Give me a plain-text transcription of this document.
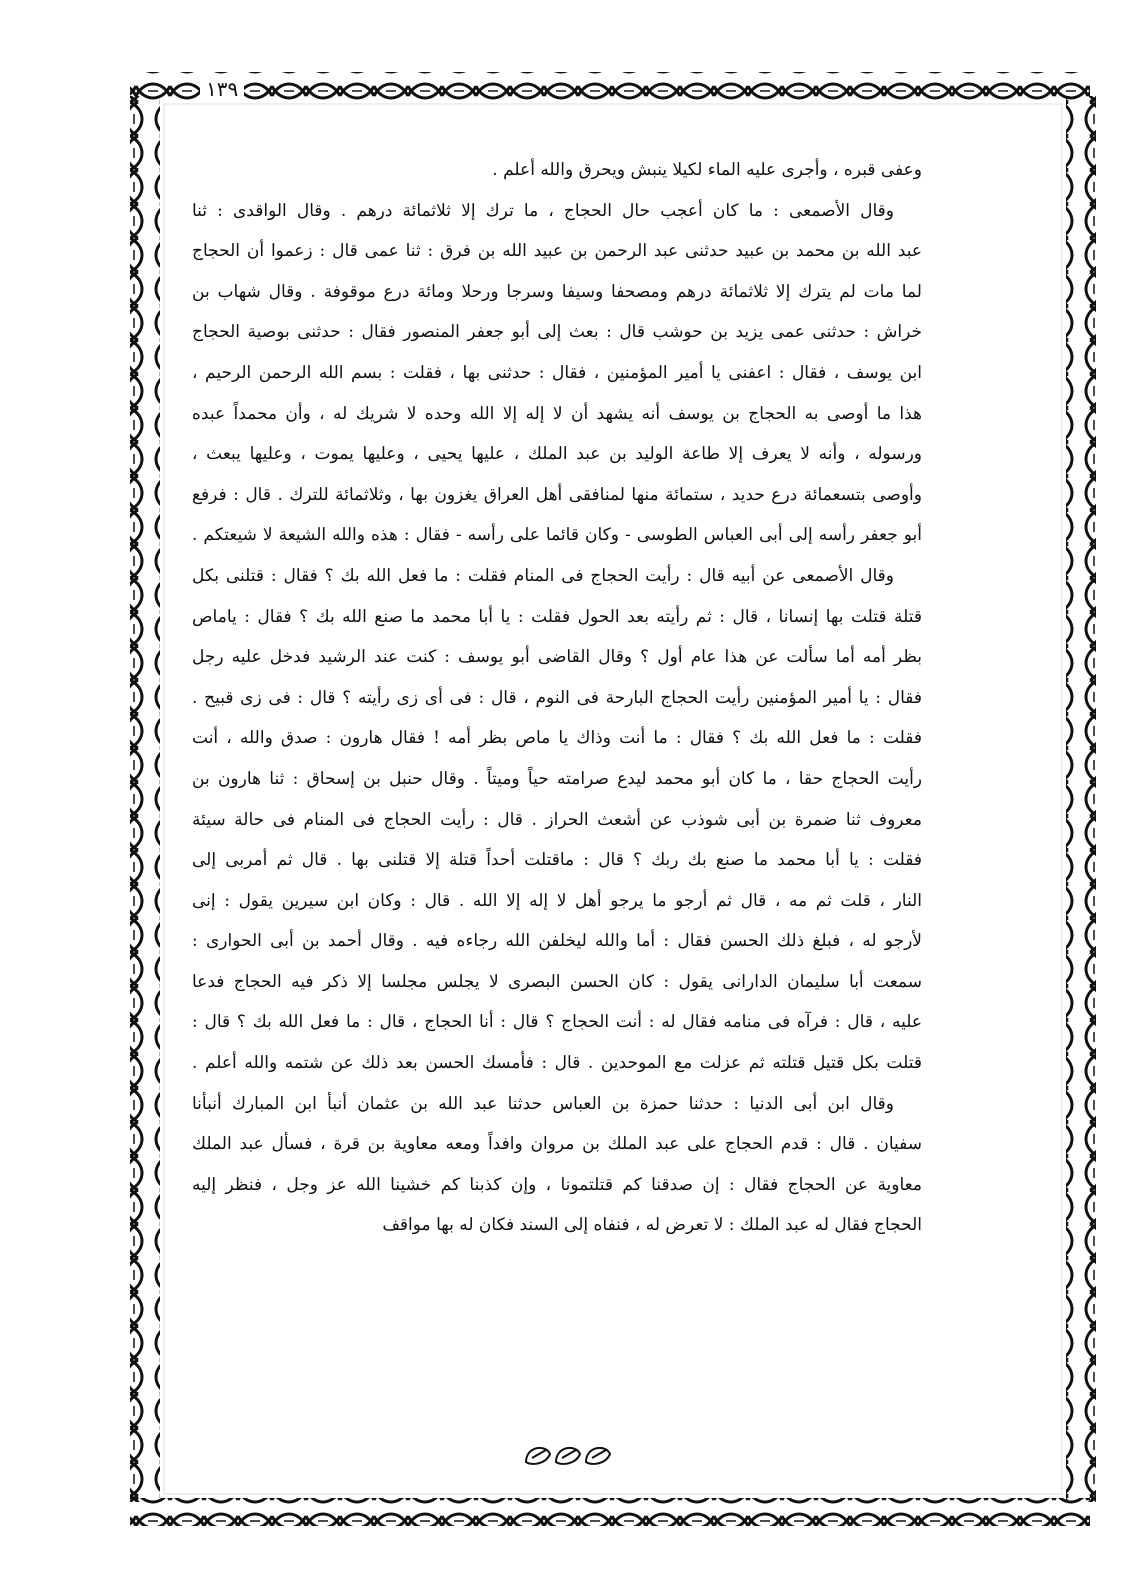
١٣٩
وعفى قبره ، وأجرى عليه الماء لكيلا ينبش ويحرق والله أعلم .
وقال الأصمعى : ما كان أعجب حال الحجاج ، ما ترك إلا ثلاثمائة درهم . وقال الواقدى : ثنا
عبد الله بن محمد بن عبيد حدثنى عبد الرحمن بن عبيد الله بن فرق : ثنا عمى قال : زعموا أن الحجاج
لما مات لم يترك إلا ثلاثمائة درهم ومصحفا وسيفا وسرجا ورحلا ومائة درع موقوفة . وقال شهاب بن
خراش : حدثنى عمى يزيد بن حوشب قال : بعث إلى أبو جعفر المنصور فقال : حدثنى بوصية الحجاج
ابن يوسف ، فقال : اعفنى يا أمير المؤمنين ، فقال : حدثنى بها ، فقلت : بسم الله الرحمن الرحيم ،
هذا ما أوصى به الحجاج بن يوسف أنه يشهد أن لا إله إلا الله وحده لا شريك له ، وأن محمداً عبده
ورسوله ، وأنه لا يعرف إلا طاعة الوليد بن عبد الملك ، عليها يحيى ، وعليها يموت ، وعليها يبعث ،
وأوصى بتسعمائة درع حديد ، ستمائة منها لمنافقى أهل العراق يغزون بها ، وثلاثمائة للترك . قال : فرفع
أبو جعفر رأسه إلى أبى العباس الطوسى - وكان قائما على رأسه - فقال : هذه والله الشيعة لا شيعتكم .
وقال الأصمعى عن أبيه قال : رأيت الحجاج فى المنام فقلت : ما فعل الله بك ؟ فقال : قتلنى بكل
قتلة قتلت بها إنسانا ، قال : ثم رأيته بعد الحول فقلت : يا أبا محمد ما صنع الله بك ؟ فقال : ياماص
بظر أمه أما سألت عن هذا عام أول ؟ وقال القاضى أبو يوسف : كنت عند الرشيد فدخل عليه رجل
فقال : يا أمير المؤمنين رأيت الحجاج البارحة فى النوم ، قال : فى أى زى رأيته ؟ قال : فى زى قبيح .
فقلت : ما فعل الله بك ؟ فقال : ما أنت وذاك يا ماص بظر أمه ! فقال هارون : صدق والله ، أنت
رأيت الحجاج حقا ، ما كان أبو محمد ليدع صرامته حياً وميتاً . وقال حنبل بن إسحاق : ثنا هارون بن
معروف ثنا ضمرة بن أبى شوذب عن أشعث الحراز . قال : رأيت الحجاج فى المنام فى حالة سيئة
فقلت : يا أبا محمد ما صنع بك ربك ؟ قال : ماقتلت أحداً قتلة إلا قتلنى بها . قال ثم أمربى إلى
النار ، قلت ثم مه ، قال ثم أرجو ما يرجو أهل لا إله إلا الله . قال : وكان ابن سيرين يقول : إنى
لأرجو له ، فبلغ ذلك الحسن فقال : أما والله ليخلفن الله رجاءه فيه . وقال أحمد بن أبى الحوارى :
سمعت أبا سليمان الدارانى يقول : كان الحسن البصرى لا يجلس مجلسا إلا ذكر فيه الحجاج فدعا
عليه ، قال : فرآه فى منامه فقال له : أنت الحجاج ؟ قال : أنا الحجاج ، قال : ما فعل الله بك ؟ قال :
قتلت بكل قتيل قتلته ثم عزلت مع الموحدين . قال : فأمسك الحسن بعد ذلك عن شتمه والله أعلم .
وقال ابن أبى الدنيا : حدثنا حمزة بن العباس حدثنا عبد الله بن عثمان أنبأ ابن المبارك أنبأنا
سفيان . قال : قدم الحجاج على عبد الملك بن مروان وافداً ومعه معاوية بن قرة ، فسأل عبد الملك
معاوية عن الحجاج فقال : إن صدقنا كم قتلتمونا ، وإن كذبنا كم خشينا الله عز وجل ، فنظر إليه
الحجاج فقال له عبد الملك : لا تعرض له ، فنفاه إلى السند فكان له بها مواقف
